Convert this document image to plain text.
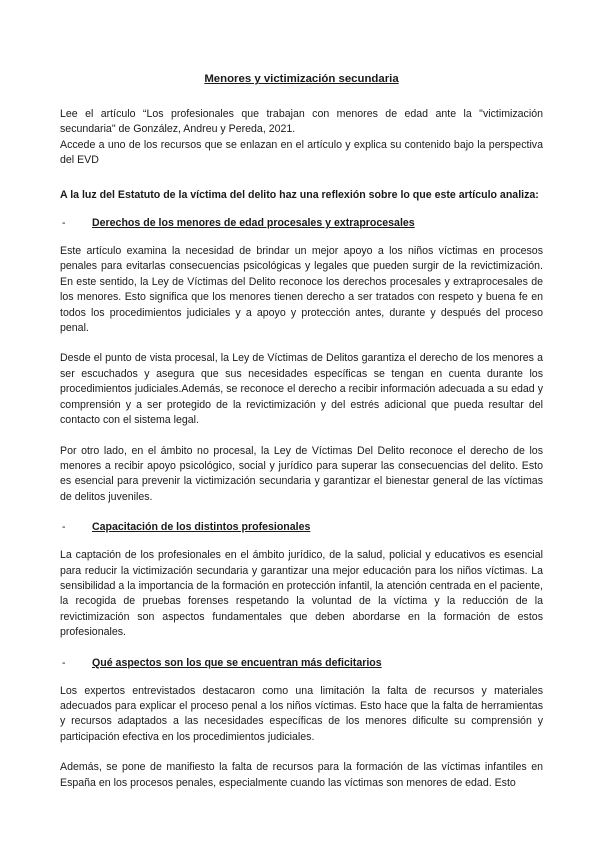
Menores y victimización secundaria

Lee el artículo “Los profesionales que trabajan con menores de edad ante la "victimización secundaria" de González, Andreu y Pereda, 2021.
Accede a uno de los recursos que se enlazan en el artículo y explica su contenido bajo la perspectiva del EVD

A la luz del Estatuto de la víctima del delito haz una reflexión sobre lo que este artículo analiza:

-	Derechos de los menores de edad procesales y extraprocesales

Este artículo examina la necesidad de brindar un mejor apoyo a los niños víctimas en procesos penales para evitarlas consecuencias psicológicas y legales que pueden surgir de la revictimización. En este sentido, la Ley de Víctimas del Delito reconoce los derechos procesales y extraprocesales de los menores. Esto significa que los menores tienen derecho a ser tratados con respeto y buena fe en todos los procedimientos judiciales y a apoyo y protección antes, durante y después del proceso penal.

Desde el punto de vista procesal, la Ley de Víctimas de Delitos garantiza el derecho de los menores a ser escuchados y asegura que sus necesidades específicas se tengan en cuenta durante los procedimientos judiciales.Además, se reconoce el derecho a recibir información adecuada a su edad y comprensión y a ser protegido de la revictimización y del estrés adicional que pueda resultar del contacto con el sistema legal.

Por otro lado, en el ámbito no procesal, la Ley de Víctimas Del Delito reconoce el derecho de los menores a recibir apoyo psicológico, social y jurídico para superar las consecuencias del delito. Esto es esencial para prevenir la victimización secundaria y garantizar el bienestar general de las víctimas de delitos juveniles.

-	Capacitación de los distintos profesionales

La captación de los profesionales en el ámbito jurídico, de la salud, policial y educativos es esencial para reducir la victimización secundaria y garantizar una mejor educación para los niños víctimas. La sensibilidad a la importancia de la formación en protección infantil, la atención centrada en el paciente, la recogida de pruebas forenses respetando la voluntad de la víctima y la reducción de la revictimización son aspectos fundamentales que deben abordarse en la formación de estos profesionales.

-	Qué aspectos son los que se encuentran más deficitarios

Los expertos entrevistados destacaron como una limitación la falta de recursos y materiales adecuados para explicar el proceso penal a los niños víctimas. Esto hace que la falta de herramientas y recursos adaptados a las necesidades específicas de los menores dificulte su comprensión y participación efectiva en los procedimientos judiciales.

Además, se pone de manifiesto la falta de recursos para la formación de las víctimas infantiles en España en los procesos penales, especialmente cuando las víctimas son menores de edad. Esto
